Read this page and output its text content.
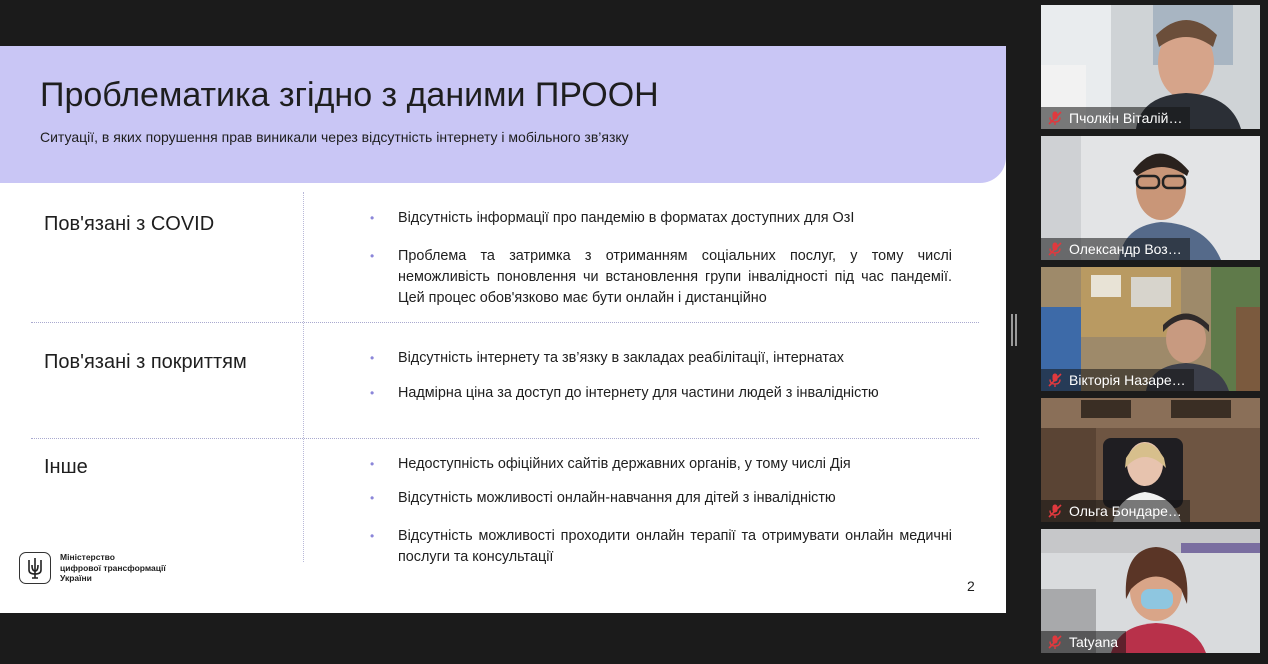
Проблематика згідно з даними ПРООН
Ситуації, в яких порушення прав виникали через відсутність інтернету і мобільного зв’язку
Пов'язані з COVID	• Відсутність інформації про пандемію в форматах доступних для ОзІ
• Проблема та затримка з отриманням соціальних послуг, у тому числі неможливість поновлення чи встановлення групи інвалідності під час пандемії. Цей процес обов'язково має бути онлайн і дистанційно
Пов'язані з покриттям	• Відсутність інтернету та зв’язку в закладах реабілітації, інтернатах
• Надмірна ціна за доступ до інтернету для частини людей з інвалідністю
Інше	• Недоступність офіційних сайтів державних органів, у тому числі Дія
• Відсутність можливості онлайн-навчання для дітей з інвалідністю
• Відсутність можливості проходити онлайн терапії та отримувати онлайн медичні послуги та консультації
Міністерство
цифрової трансформації
України	2
Пчолкін Віталій…
Олександр Воз…
Вікторія Назаре…
Ольга Бондаре…
Tatyana
